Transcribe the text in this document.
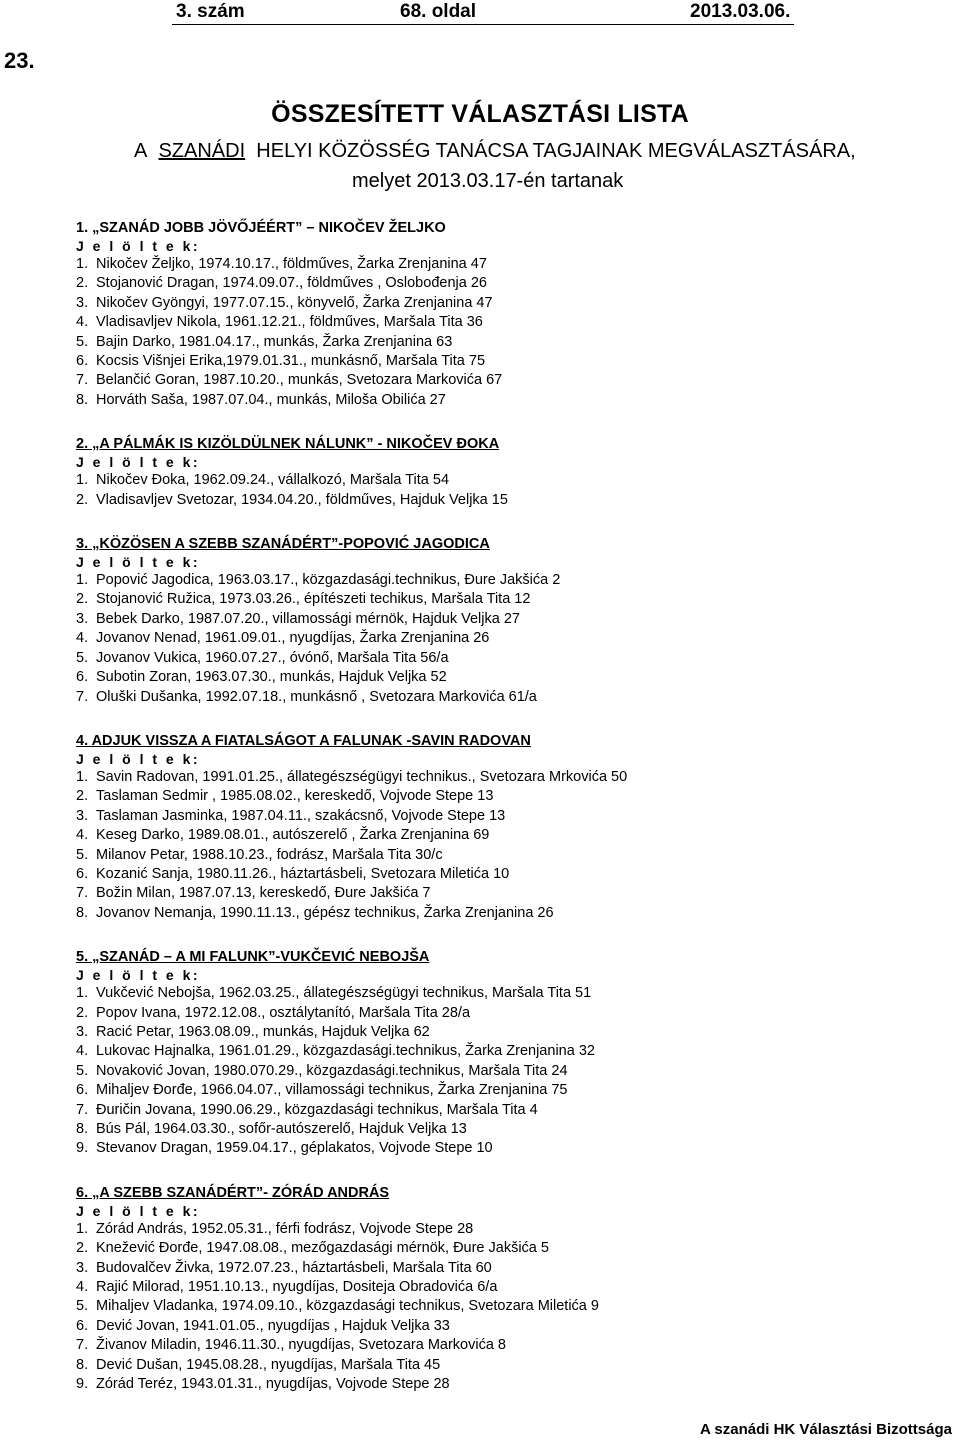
3. szám	68. oldal	2013.03.06.
23.
ÖSSZESÍTETT VÁLASZTÁSI LISTA
A SZANÁDI HELYI KÖZÖSSÉG TANÁCSA TAGJAINAK MEGVÁLASZTÁSÁRA,
melyet 2013.03.17-én tartanak
1. „SZANÁD JOBB JÖVŐJÉÉRT” – NIKOČEV ŽELJKO
J e l ö l t e k:
1. Nikočev Željko, 1974.10.17., földműves, Žarka Zrenjanina 47
2. Stojanović Dragan, 1974.09.07., földműves , Oslobođenja 26
3. Nikočev Gyöngyi, 1977.07.15., könyvelő, Žarka Zrenjanina 47
4. Vladisavljev Nikola, 1961.12.21., földműves, Maršala Tita 36
5. Bajin Darko, 1981.04.17., munkás, Žarka Zrenjanina 63
6. Kocsis Višnjei Erika,1979.01.31., munkásnő, Maršala Tita 75
7. Belančić Goran, 1987.10.20., munkás, Svetozara Markovića 67
8. Horváth Saša, 1987.07.04., munkás, Miloša Obilića 27
2. „A PÁLMÁK IS KIZÖLDÜLNEK NÁLUNK” - NIKOČEV ĐOKA
J e l ö l t e k:
1. Nikočev Đoka, 1962.09.24., vállalkozó, Maršala Tita 54
2. Vladisavljev Svetozar, 1934.04.20., földműves, Hajduk Veljka 15
3. „KÖZÖSEN A SZEBB SZANÁDÉRT”-POPOVIĆ JAGODICA
J e l ö l t e k:
1. Popović Jagodica, 1963.03.17., közgazdasági.technikus, Đure Jakšića 2
2. Stojanović Ružica, 1973.03.26., építészeti techikus, Maršala Tita 12
3. Bebek Darko, 1987.07.20., villamossági mérnök, Hajduk Veljka 27
4. Jovanov Nenad, 1961.09.01., nyugdíjas, Žarka Zrenjanina 26
5. Jovanov Vukica, 1960.07.27., óvónő, Maršala Tita 56/a
6. Subotin Zoran, 1963.07.30., munkás, Hajduk Veljka 52
7. Oluški Dušanka, 1992.07.18., munkásnő , Svetozara Markovića 61/a
4. ADJUK VISSZA A FIATALSÁGOT A FALUNAK -SAVIN RADOVAN
J e l ö l t e k:
1. Savin Radovan, 1991.01.25., állategészségügyi technikus., Svetozara Mrkovića 50
2. Taslaman Sedmir , 1985.08.02., kereskedő, Vojvode Stepe 13
3. Taslaman Jasminka, 1987.04.11., szakácsnő, Vojvode Stepe 13
4. Keseg Darko, 1989.08.01., autószerelő , Žarka Zrenjanina 69
5. Milanov Petar, 1988.10.23., fodrász, Maršala Tita 30/c
6. Kozanić Sanja, 1980.11.26., háztartásbeli, Svetozara Miletića 10
7. Božin Milan, 1987.07.13, kereskedő, Đure Jakšića 7
8. Jovanov Nemanja, 1990.11.13., gépész technikus, Žarka Zrenjanina 26
5. „SZANÁD – A MI FALUNK”-VUKČEVIĆ NEBOJŠA
J e l ö l t e k:
1. Vukčević Nebojša, 1962.03.25., állategészségügyi technikus, Maršala Tita 51
2. Popov Ivana, 1972.12.08., osztálytanító, Maršala Tita 28/a
3. Racić Petar, 1963.08.09., munkás, Hajduk Veljka 62
4. Lukovac Hajnalka, 1961.01.29., közgazdasági.technikus, Žarka Zrenjanina 32
5. Novaković Jovan, 1980.070.29., közgazdasági.technikus, Maršala Tita 24
6. Mihaljev Đorđe, 1966.04.07., villamossági technikus, Žarka Zrenjanina 75
7. Đuričin Jovana, 1990.06.29., közgazdasági technikus, Maršala Tita 4
8. Bús Pál, 1964.03.30., sofőr-autószerelő, Hajduk Veljka 13
9. Stevanov Dragan, 1959.04.17., géplakatos, Vojvode Stepe 10
6. „A SZEBB SZANÁDÉRT”- ZÓRÁD ANDRÁS
J e l ö l t e k:
1. Zórád András, 1952.05.31., férfi fodrász, Vojvode Stepe 28
2. Knežević Đorđe, 1947.08.08., mezőgazdasági mérnök, Đure Jakšića 5
3. Budovalčev Živka, 1972.07.23., háztartásbeli, Maršala Tita 60
4. Rajić Milorad, 1951.10.13., nyugdíjas, Dositeja Obradovića 6/a
5. Mihaljev Vladanka, 1974.09.10., közgazdasági technikus, Svetozara Miletića 9
6. Dević Jovan, 1941.01.05., nyugdíjas , Hajduk Veljka 33
7. Živanov Miladin, 1946.11.30., nyugdíjas, Svetozara Markovića 8
8. Dević Dušan, 1945.08.28., nyugdíjas, Maršala Tita 45
9. Zórád Teréz, 1943.01.31., nyugdíjas, Vojvode Stepe 28
A szanádi HK Választási Bizottsága
